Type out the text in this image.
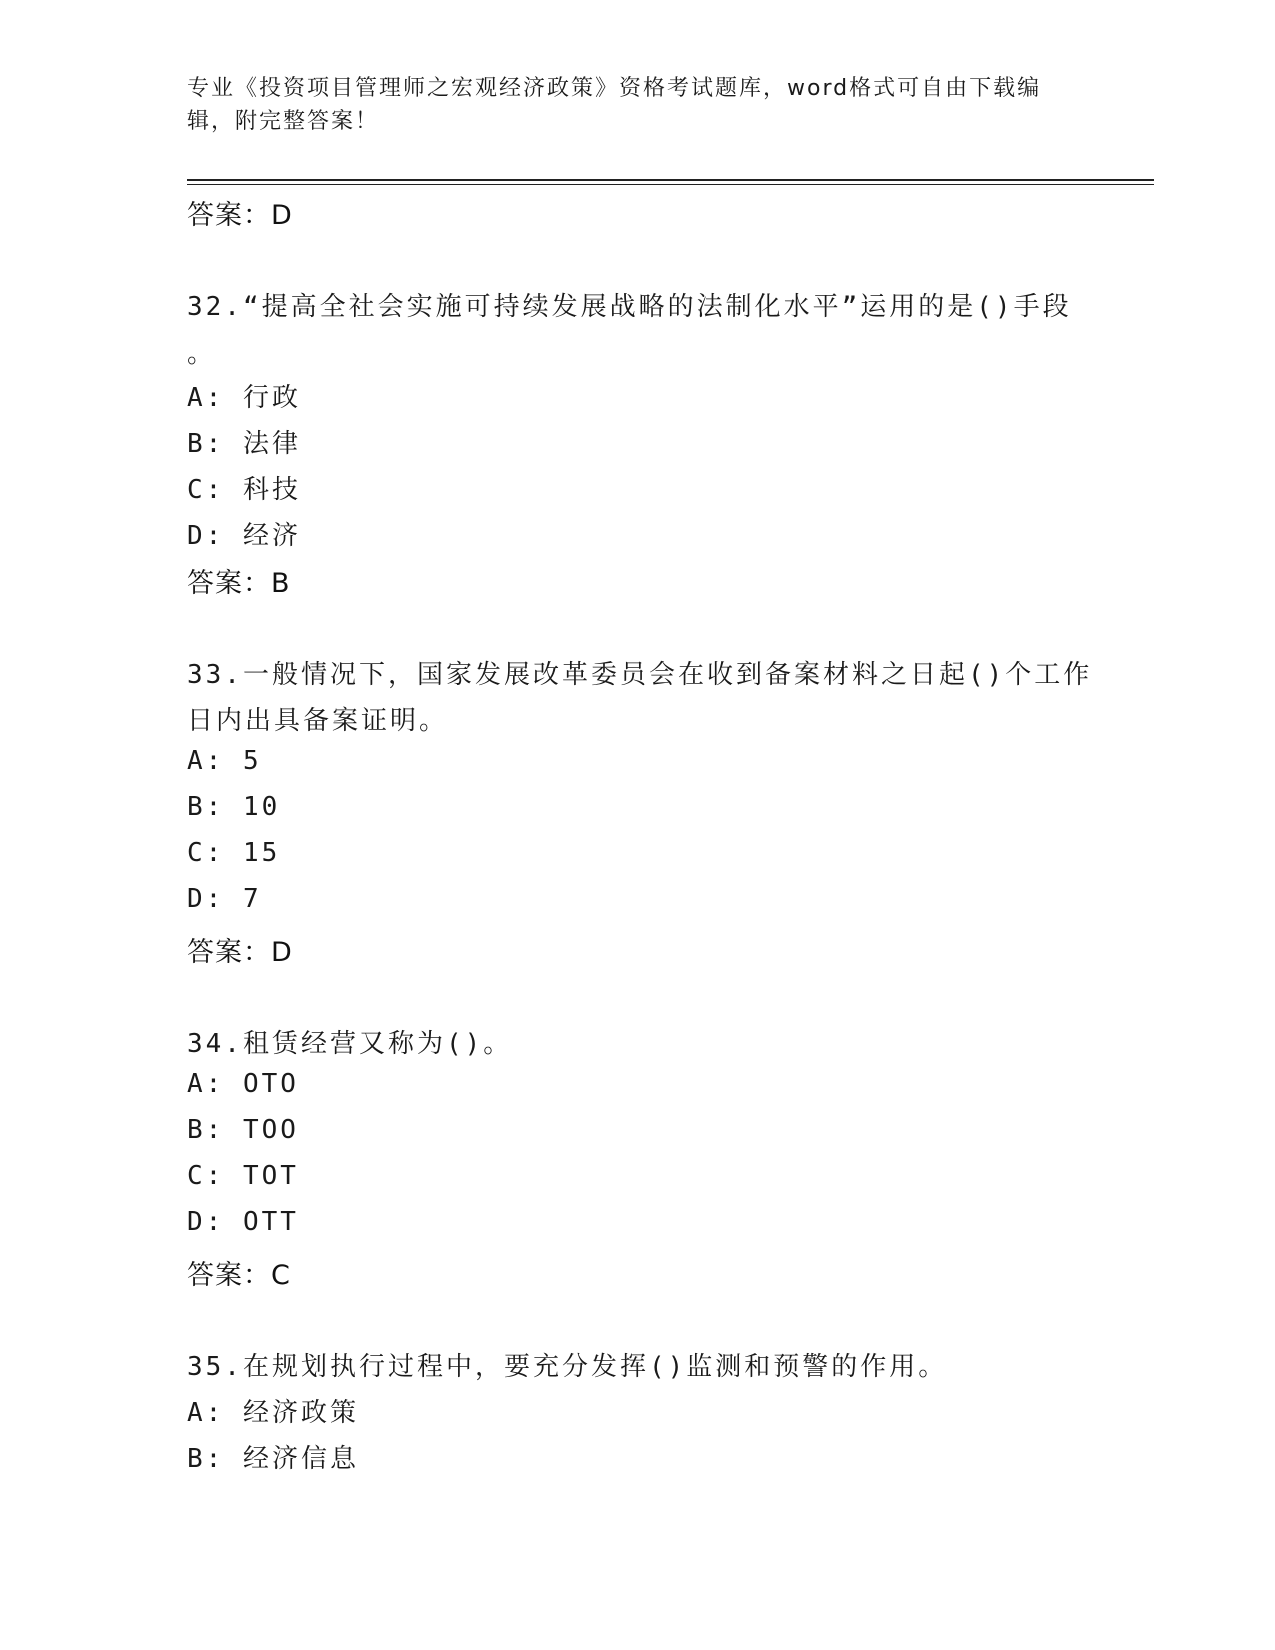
专业《投资项目管理师之宏观经济政策》资格考试题库，word格式可自由下载编辑，附完整答案！
答案：D
32.“提高全社会实施可持续发展战略的法制化水平”运用的是()手段
。
A: 行政
B: 法律
C: 科技
D: 经济
答案：B
33.一般情况下，国家发展改革委员会在收到备案材料之日起()个工作
日内出具备案证明。
A: 5
B: 10
C: 15
D: 7
答案：D
34.租赁经营又称为()。
A: OTO
B: TOO
C: TOT
D: OTT
答案：C
35.在规划执行过程中，要充分发挥()监测和预警的作用。
A: 经济政策
B: 经济信息
